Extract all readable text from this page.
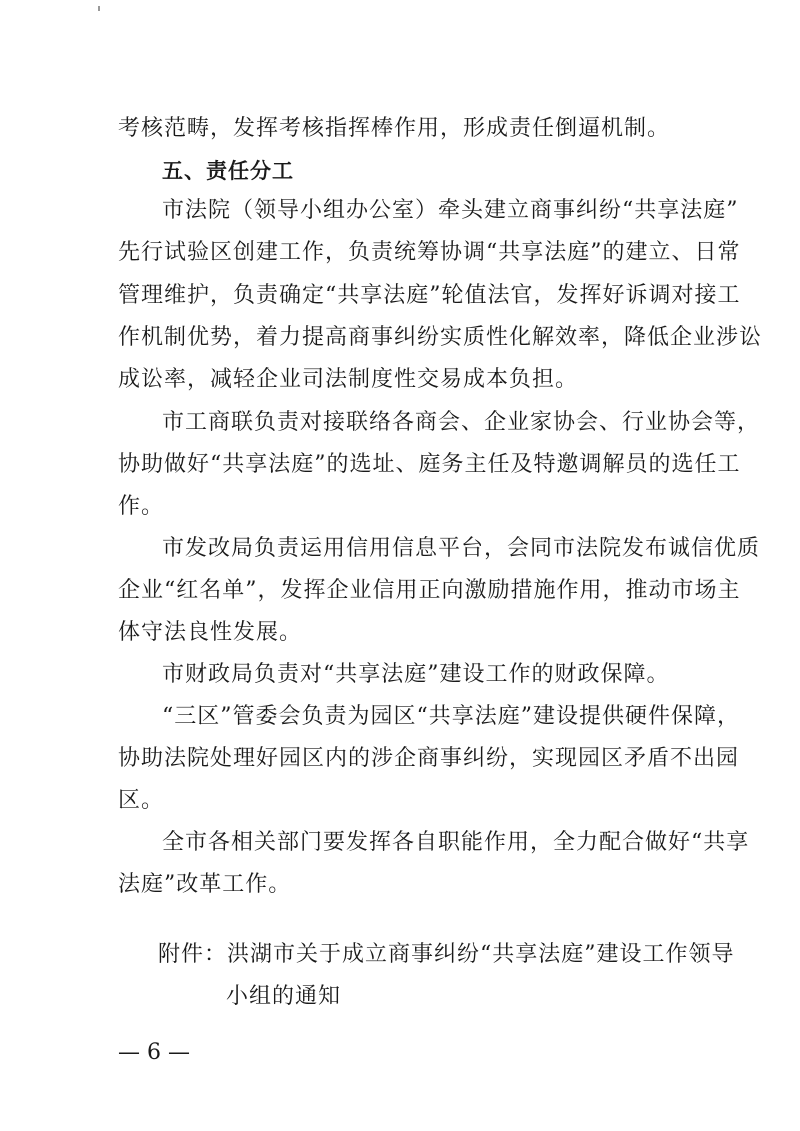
考核范畴，发挥考核指挥棒作用，形成责任倒逼机制。
五、责任分工
市法院（领导小组办公室）牵头建立商事纠纷“共享法庭”
先行试验区创建工作，负责统筹协调“共享法庭”的建立、日常
管理维护，负责确定“共享法庭”轮值法官，发挥好诉调对接工
作机制优势，着力提高商事纠纷实质性化解效率，降低企业涉讼
成讼率，减轻企业司法制度性交易成本负担。
市工商联负责对接联络各商会、企业家协会、行业协会等，
协助做好“共享法庭”的选址、庭务主任及特邀调解员的选任工
作。
市发改局负责运用信用信息平台，会同市法院发布诚信优质
企业“红名单”，发挥企业信用正向激励措施作用，推动市场主
体守法良性发展。
市财政局负责对“共享法庭”建设工作的财政保障。
“三区”管委会负责为园区“共享法庭”建设提供硬件保障，
协助法院处理好园区内的涉企商事纠纷，实现园区矛盾不出园
区。
全市各相关部门要发挥各自职能作用，全力配合做好“共享
法庭”改革工作。
附件：洪湖市关于成立商事纠纷“共享法庭”建设工作领导
小组的通知
— 6 —
